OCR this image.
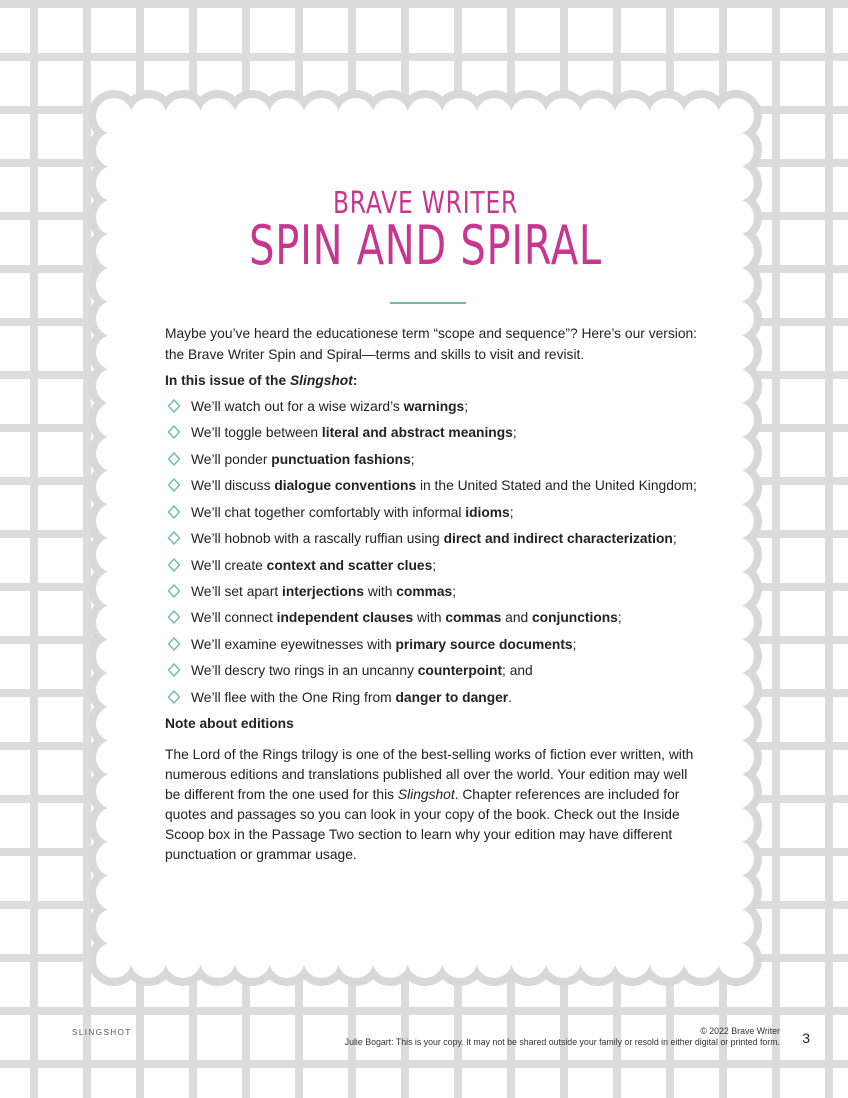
BRAVE WRITER
SPIN AND SPIRAL

Maybe you’ve heard the educationese term “scope and sequence”? Here’s our version: the Brave Writer Spin and Spiral—terms and skills to visit and revisit.

In this issue of the Slingshot:

We’ll watch out for a wise wizard’s warnings;
We’ll toggle between literal and abstract meanings;
We’ll ponder punctuation fashions;
We’ll discuss dialogue conventions in the United Stated and the United Kingdom;
We’ll chat together comfortably with informal idioms;
We’ll hobnob with a rascally ruffian using direct and indirect characterization;
We’ll create context and scatter clues;
We’ll set apart interjections with commas;
We’ll connect independent clauses with commas and conjunctions;
We’ll examine eyewitnesses with primary source documents;
We’ll descry two rings in an uncanny counterpoint; and
We’ll flee with the One Ring from danger to danger.

Note about editions

The Lord of the Rings trilogy is one of the best-selling works of fiction ever written, with numerous editions and translations published all over the world. Your edition may well be different from the one used for this Slingshot. Chapter references are included for quotes and passages so you can look in your copy of the book. Check out the Inside Scoop box in the Passage Two section to learn why your edition may have different punctuation or grammar usage.

SLINGSHOT	© 2022 Brave Writer
Julie Bogart: This is your copy. It may not be shared outside your family or resold in either digital or printed form. 3
